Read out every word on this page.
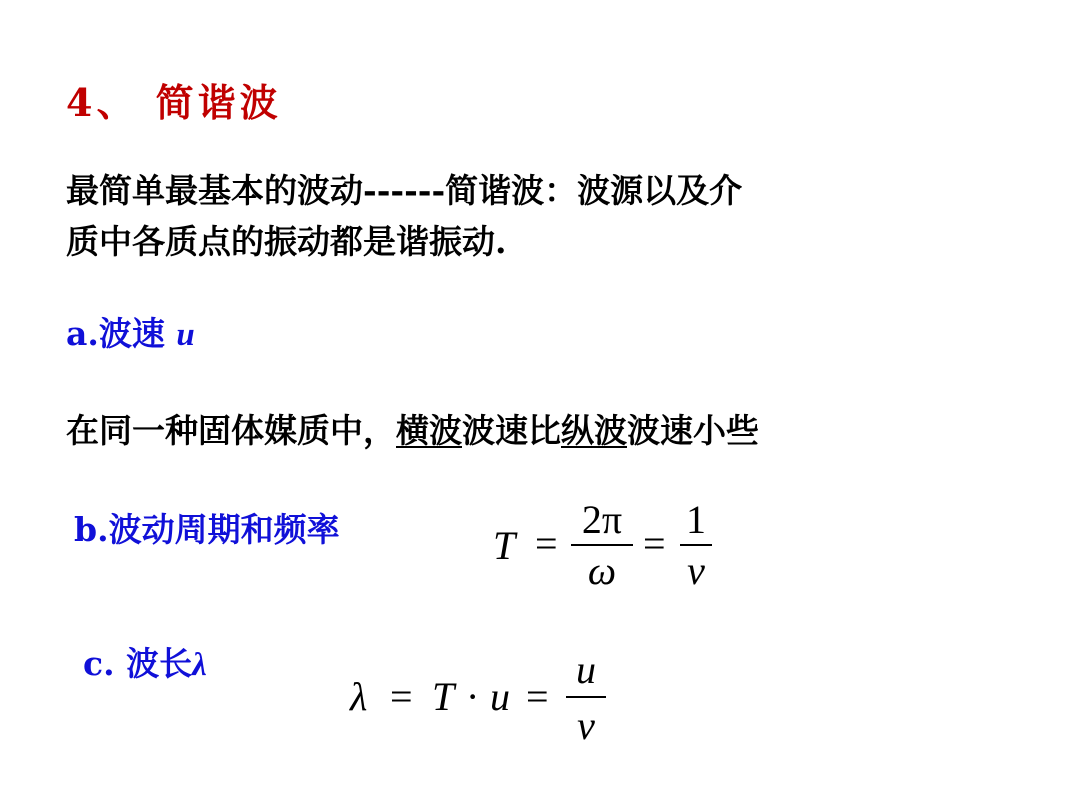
4、 简谐波
最简单最基本的波动------简谐波：波源以及介
质中各质点的振动都是谐振动.
a.波速 u
在同一种固体媒质中，横波波速比纵波波速小些
b.波动周期和频率	T =
2π
ω
=
1
ν
c. 波长λ
λ = T · u =
u
ν
